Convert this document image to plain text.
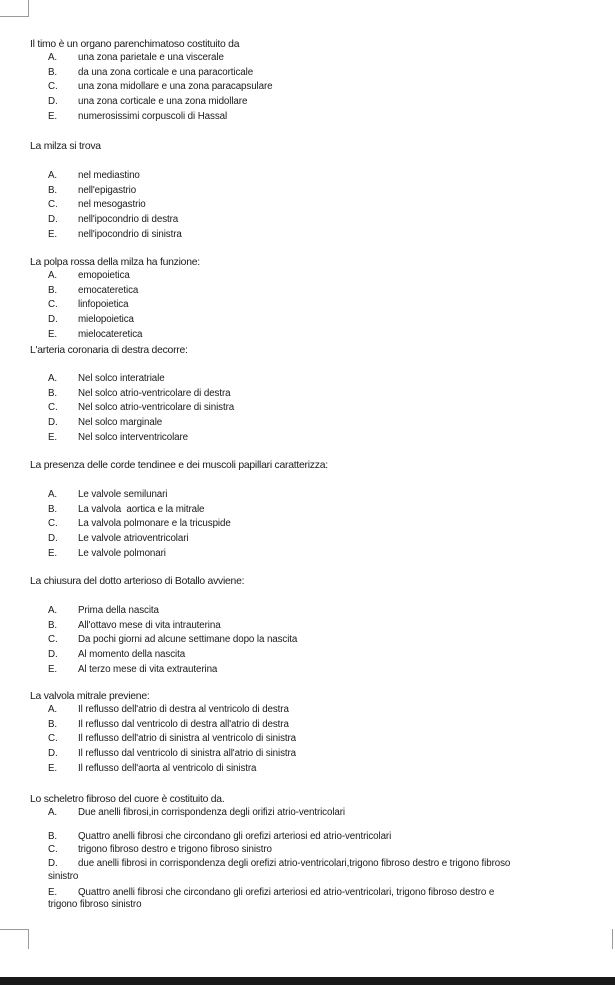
Il timo è un organo parenchimatoso costituito da

A.	una zona parietale e una viscerale
B.	da una zona corticale e una paracorticale
C.	una zona midollare e una zona paracapsulare
D.	una zona corticale e una zona midollare
E.	numerosissimi corpuscoli di Hassal

La milza si trova

A.	nel mediastino
B.	nell'epigastrio
C.	nel mesogastrio
D.	nell'ipocondrio di destra
E.	nell'ipocondrio di sinistra

La polpa rossa della milza ha funzione:

A.	emopoietica
B.	emocateretica
C.	linfopoietica
D.	mielopoietica
E.	mielocateretica

L'arteria coronaria di destra decorre:

A.	Nel solco interatriale
B.	Nel solco atrio-ventricolare di destra
C.	Nel solco atrio-ventricolare di sinistra
D.	Nel solco marginale
E.	Nel solco interventricolare

La presenza delle corde tendinee e dei muscoli papillari caratterizza:

A.	Le valvole semilunari
B.	La valvola  aortica e la mitrale
C.	La valvola polmonare e la tricuspide
D.	Le valvole atrioventricolari
E.	Le valvole polmonari

La chiusura del dotto arterioso di Botallo avviene:

A.	Prima della nascita
B.	All'ottavo mese di vita intrauterina
C.	Da pochi giorni ad alcune settimane dopo la nascita
D.	Al momento della nascita
E.	Al terzo mese di vita extrauterina

La valvola mitrale previene:

A.	Il reflusso dell'atrio di destra al ventricolo di destra
B.	Il reflusso dal ventricolo di destra all'atrio di destra
C.	Il reflusso dell'atrio di sinistra al ventricolo di sinistra
D.	Il reflusso dal ventricolo di sinistra all'atrio di sinistra
E.	Il reflusso dell'aorta al ventricolo di sinistra

Lo scheletro fibroso del cuore è costituito da.

A.	Due anelli fibrosi,in corrispondenza degli orifizi atrio-ventricolari
B.	Quattro anelli fibrosi che circondano gli orefizi arteriosi ed atrio-ventricolari
C.	trigono fibroso destro e trigono fibroso sinistro
D.	due anelli fibrosi in corrispondenza degli orefizi atrio-ventricolari,trigono fibroso destro e trigono fibroso
sinistro
E.	Quattro anelli fibrosi che circondano gli orefizi arteriosi ed atrio-ventricolari, trigono fibroso destro e
trigono fibroso sinistro
